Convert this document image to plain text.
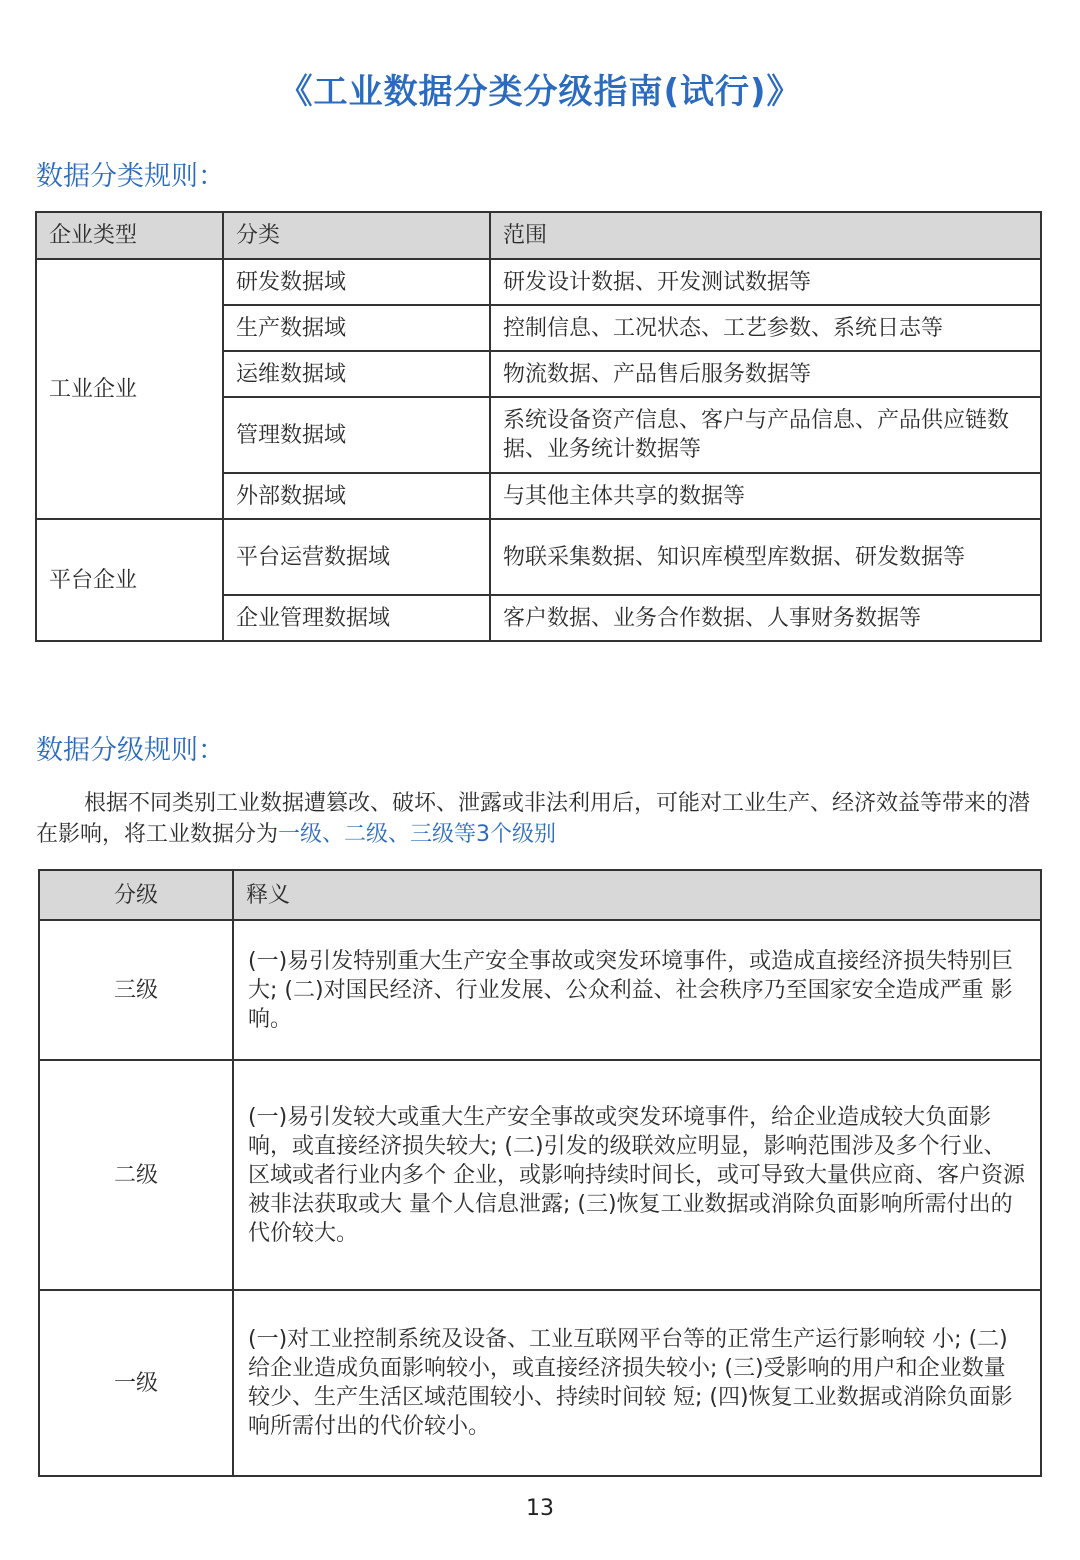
《工业数据分类分级指南(试行)》
数据分类规则：
企业类型	分类	范围
工业企业	研发数据域	研发设计数据、开发测试数据等
	生产数据域	控制信息、工况状态、工艺参数、系统日志等
	运维数据域	物流数据、产品售后服务数据等
	管理数据域	系统设备资产信息、客户与产品信息、产品供应链数 据、业务统计数据等
	外部数据域	与其他主体共享的数据等
平台企业	平台运营数据域	物联采集数据、知识库模型库数据、研发数据等
	企业管理数据域	客户数据、业务合作数据、人事财务数据等
数据分级规则：
根据不同类别工业数据遭篡改、破坏、泄露或非法利用后，可能对工业生产、经济效益等带来的潜在影响，将工业数据分为一级、二级、三级等3个级别
分级	释义
三级	(一)易引发特别重大生产安全事故或突发环境事件，或造成直接经济损失特别巨大; (二)对国民经济、行业发展、公众利益、社会秩序乃至国家安全造成严重 影响。
二级	(一)易引发较大或重大生产安全事故或突发环境事件，给企业造成较大负面影响，或直接经济损失较大; (二)引发的级联效应明显，影响范围涉及多个行业、区域或者行业内多个 企业，或影响持续时间长，或可导致大量供应商、客户资源被非法获取或大 量个人信息泄露; (三)恢复工业数据或消除负面影响所需付出的代价较大。
一级	(一)对工业控制系统及设备、工业互联网平台等的正常生产运行影响较 小; (二)给企业造成负面影响较小，或直接经济损失较小; (三)受影响的用户和企业数量较少、生产生活区域范围较小、持续时间较 短; (四)恢复工业数据或消除负面影响所需付出的代价较小。
13
